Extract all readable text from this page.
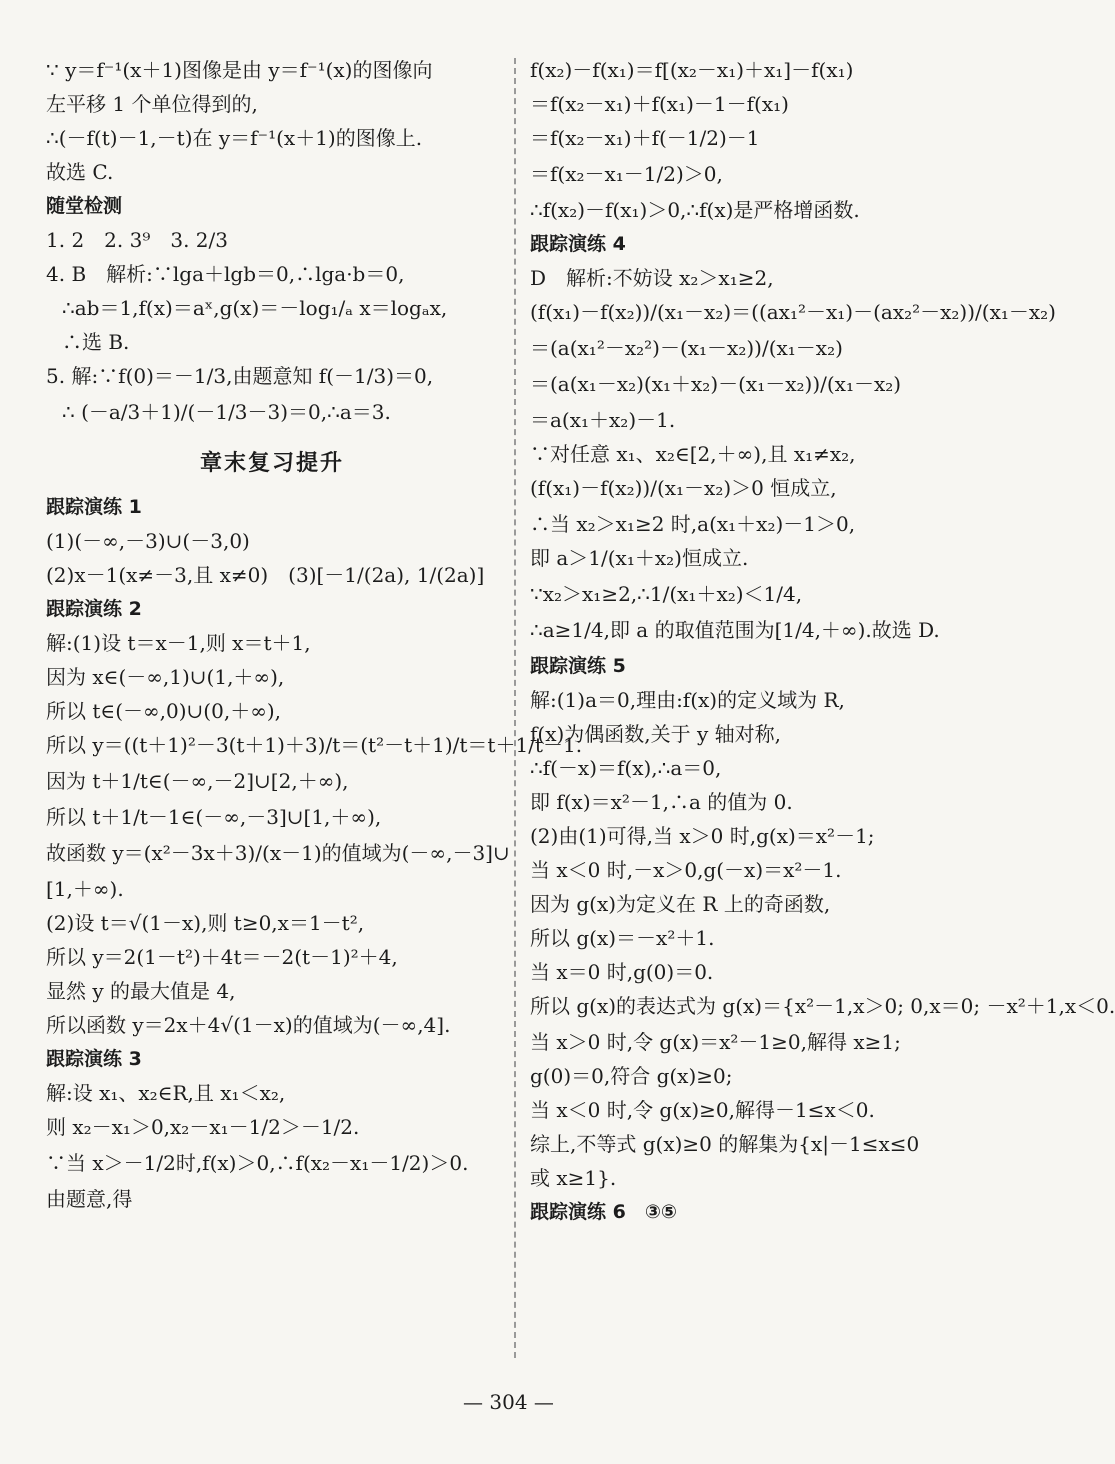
∵ y＝f⁻¹(x＋1)图像是由 y＝f⁻¹(x)的图像向
左平移 1 个单位得到的,
∴(－f(t)－1,－t)在 y＝f⁻¹(x＋1)的图像上.
故选 C.
随堂检测
1. 2　2. 3⁹　3. 2/3
4. B　解析:∵lga＋lgb＝0,∴lga·b＝0,
∴ab＝1,f(x)＝aˣ,g(x)＝－log₁/ₐ x＝logₐx,
∴选 B.
5. 解:∵f(0)＝－1/3,由题意知 f(－1/3)＝0,
∴ (－a/3＋1)/(－1/3－3)＝0,∴a＝3.
章末复习提升
跟踪演练 1
(1)(－∞,－3)∪(－3,0)
(2)x－1(x≠－3,且 x≠0)　(3)[－1/(2a), 1/(2a)]
跟踪演练 2
解:(1)设 t＝x－1,则 x＝t＋1,
因为 x∈(－∞,1)∪(1,＋∞),
所以 t∈(－∞,0)∪(0,＋∞),
所以 y＝((t＋1)²－3(t＋1)＋3)/t＝(t²－t＋1)/t＝t＋1/t－1.
因为 t＋1/t∈(－∞,－2]∪[2,＋∞),
所以 t＋1/t－1∈(－∞,－3]∪[1,＋∞),
故函数 y＝(x²－3x＋3)/(x－1)的值域为(－∞,－3]∪
[1,＋∞).
(2)设 t＝√(1－x),则 t≥0,x＝1－t²,
所以 y＝2(1－t²)＋4t＝－2(t－1)²＋4,
显然 y 的最大值是 4,
所以函数 y＝2x＋4√(1－x)的值域为(－∞,4].
跟踪演练 3
解:设 x₁、x₂∈R,且 x₁＜x₂,
则 x₂－x₁＞0,x₂－x₁－1/2＞－1/2.
∵当 x＞－1/2时,f(x)＞0,∴f(x₂－x₁－1/2)＞0.
由题意,得
f(x₂)－f(x₁)＝f[(x₂－x₁)＋x₁]－f(x₁)
＝f(x₂－x₁)＋f(x₁)－1－f(x₁)
＝f(x₂－x₁)＋f(－1/2)－1
＝f(x₂－x₁－1/2)＞0,
∴f(x₂)－f(x₁)＞0,∴f(x)是严格增函数.
跟踪演练 4
D　解析:不妨设 x₂＞x₁≥2,
(f(x₁)－f(x₂))/(x₁－x₂)＝((ax₁²－x₁)－(ax₂²－x₂))/(x₁－x₂)
＝(a(x₁²－x₂²)－(x₁－x₂))/(x₁－x₂)
＝(a(x₁－x₂)(x₁＋x₂)－(x₁－x₂))/(x₁－x₂)
＝a(x₁＋x₂)－1.
∵对任意 x₁、x₂∈[2,＋∞),且 x₁≠x₂,
(f(x₁)－f(x₂))/(x₁－x₂)＞0 恒成立,
∴当 x₂＞x₁≥2 时,a(x₁＋x₂)－1＞0,
即 a＞1/(x₁＋x₂)恒成立.
∵x₂＞x₁≥2,∴1/(x₁＋x₂)＜1/4,
∴a≥1/4,即 a 的取值范围为[1/4,＋∞).故选 D.
跟踪演练 5
解:(1)a＝0,理由:f(x)的定义域为 R,
f(x)为偶函数,关于 y 轴对称,
∴f(－x)＝f(x),∴a＝0,
即 f(x)＝x²－1,∴a 的值为 0.
(2)由(1)可得,当 x＞0 时,g(x)＝x²－1;
当 x＜0 时,－x＞0,g(－x)＝x²－1.
因为 g(x)为定义在 R 上的奇函数,
所以 g(x)＝－x²＋1.
当 x＝0 时,g(0)＝0.
所以 g(x)的表达式为 g(x)＝{x²－1,x＞0; 0,x＝0; －x²＋1,x＜0.
当 x＞0 时,令 g(x)＝x²－1≥0,解得 x≥1;
g(0)＝0,符合 g(x)≥0;
当 x＜0 时,令 g(x)≥0,解得－1≤x＜0.
综上,不等式 g(x)≥0 的解集为{x|－1≤x≤0
或 x≥1}.
跟踪演练 6　③⑤
— 304 —
